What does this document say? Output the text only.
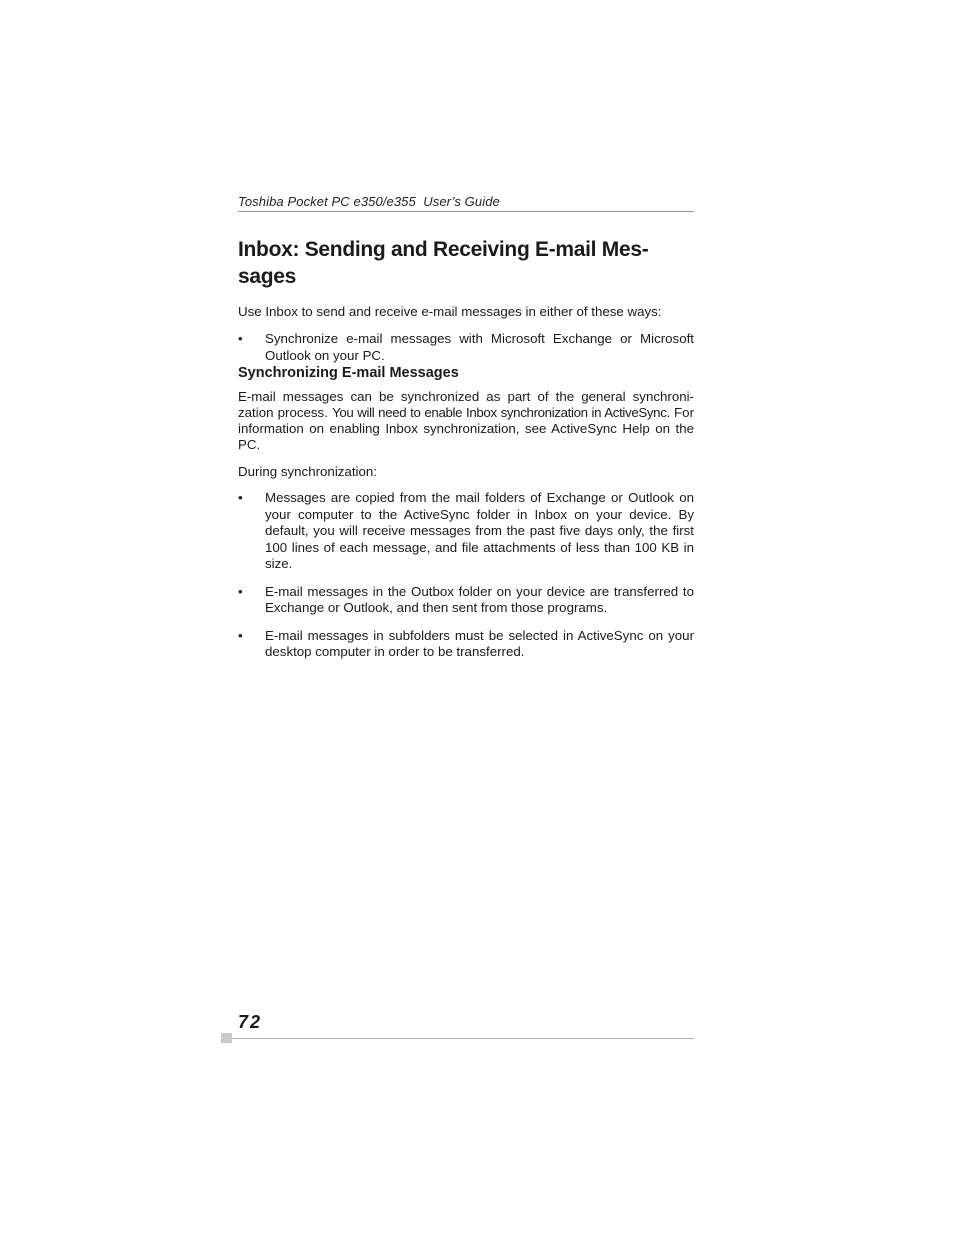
Toshiba Pocket PC e350/e355  User’s Guide
Inbox: Sending and Receiving E-mail Mes-
sages

Use Inbox to send and receive e-mail messages in either of these ways:

•	Synchronize e-mail messages with Microsoft Exchange or Microsoft Outlook on your PC.
Synchronizing E-mail Messages

E-mail messages can be synchronized as part of the general synchroni-zation process. You will need to enable Inbox synchronization in ActiveSync. For information on enabling Inbox synchronization, see ActiveSync Help on the PC.

During synchronization:

•	Messages are copied from the mail folders of Exchange or Outlook on your computer to the ActiveSync folder in Inbox on your device. By default, you will receive messages from the past five days only, the first 100 lines of each message, and file attachments of less than 100 KB in size.
•	E-mail messages in the Outbox folder on your device are transferred to Exchange or Outlook, and then sent from those programs.
•	E-mail messages in subfolders must be selected in ActiveSync on your desktop computer in order to be transferred.
72
